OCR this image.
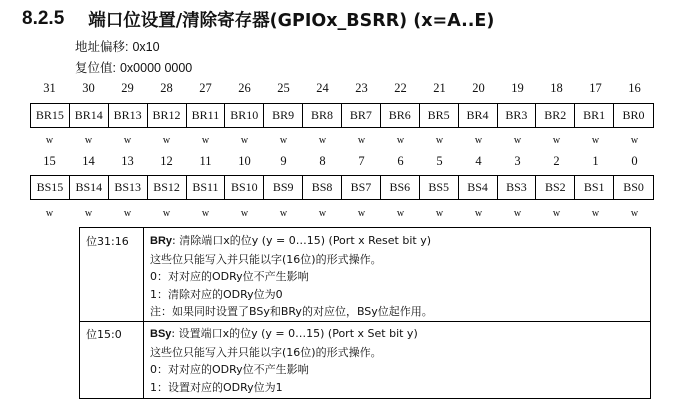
8.2.5 端口位设置/清除寄存器(GPIOx_BSRR) (x=A..E)
地址偏移: 0x10
复位值: 0x0000 0000
31	30	29	28	27	26	25	24	23	22	21	20	19	18	17	16
BR15 BR14 BR13 BR12 BR11 BR10	BR9	BR8	BR7	BR6	BR5	BR4	BR3	BR2	BR1	BR0
w	w	w	w	w	w	w	w	w	w	w	w	w	w	w	w
15	14	13	12	11	10	9	8	7	6	5	4	3	2	1	0
BS15	BS14	BS13	BS12	BS11	BS10	BS9	BS8	BS7	BS6	BS5	BS4	BS3	BS2	BS1	BS0
w	w	w	w	w	w	w	w	w	w	w	w	w	w	w	w
位31:16	BRy: 清除端口x的位y (y = 0…15) (Port x Reset bit y)
这些位只能写入并只能以字(16位)的形式操作。
0：对对应的ODRy位不产生影响
1：清除对应的ODRy位为0
注：如果同时设置了BSy和BRy的对应位，BSy位起作用。
位15:0	BSy: 设置端口x的位y (y = 0…15) (Port x Set bit y)
这些位只能写入并只能以字(16位)的形式操作。
0：对对应的ODRy位不产生影响
1：设置对应的ODRy位为1
